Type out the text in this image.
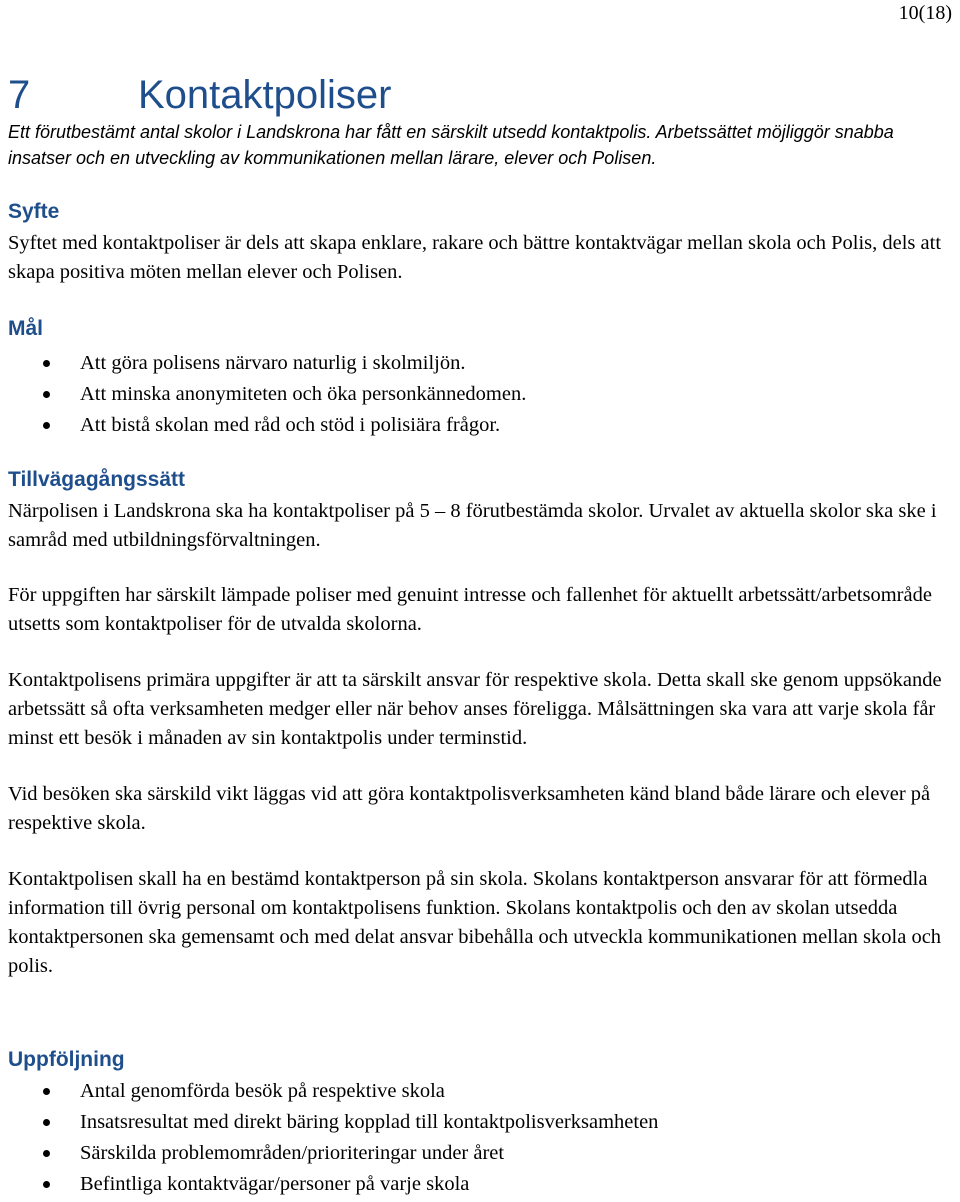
10(18)
7	Kontaktpoliser
Ett förutbestämt antal skolor i Landskrona har fått en särskilt utsedd kontaktpolis. Arbetssättet möjliggör snabba insatser och en utveckling av kommunikationen mellan lärare, elever och Polisen.
Syfte

Syftet med kontaktpoliser är dels att skapa enklare, rakare och bättre kontaktvägar mellan skola och Polis, dels att skapa positiva möten mellan elever och Polisen.

Mål
Att göra polisens närvaro naturlig i skolmiljön.
Att minska anonymiteten och öka personkännedomen.
Att bistå skolan med råd och stöd i polisiära frågor.
Tillvägagångssätt

Närpolisen i Landskrona ska ha kontaktpoliser på 5 – 8 förutbestämda skolor. Urvalet av aktuella skolor ska ske i samråd med utbildningsförvaltningen.

För uppgiften har särskilt lämpade poliser med genuint intresse och fallenhet för aktuellt arbetssätt/arbetsområde utsetts som kontaktpoliser för de utvalda skolorna.

Kontaktpolisens primära uppgifter är att ta särskilt ansvar för respektive skola. Detta skall ske genom uppsökande arbetssätt så ofta verksamheten medger eller när behov anses föreligga. Målsättningen ska vara att varje skola får minst ett besök i månaden av sin kontaktpolis under terminstid.

Vid besöken ska särskild vikt läggas vid att göra kontaktpolisverksamheten känd bland både lärare och elever på respektive skola.

Kontaktpolisen skall ha en bestämd kontaktperson på sin skola. Skolans kontaktperson ansvarar för att förmedla information till övrig personal om kontaktpolisens funktion. Skolans kontaktpolis och den av skolan utsedda kontaktpersonen ska gemensamt och med delat ansvar bibehålla och utveckla kommunikationen mellan skola och polis.

Uppföljning
Antal genomförda besök på respektive skola
Insatsresultat med direkt bäring kopplad till kontaktpolisverksamheten
Särskilda problemområden/prioriteringar under året
Befintliga kontaktvägar/personer på varje skola
